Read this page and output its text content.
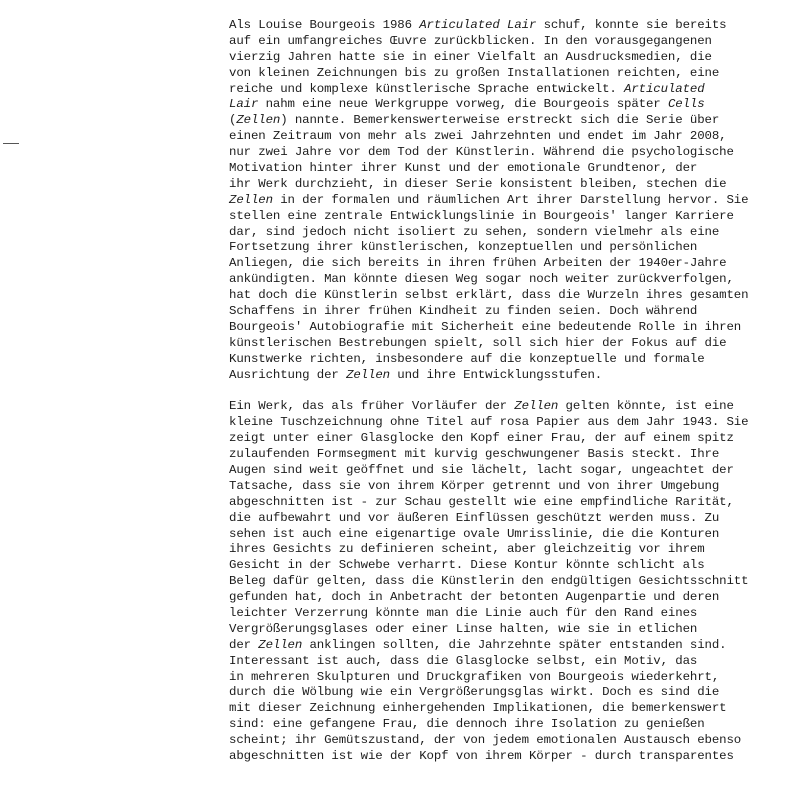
Als Louise Bourgeois 1986 Articulated Lair schuf, konnte sie bereits
auf ein umfangreiches Œuvre zurückblicken. In den vorausgegangenen
vierzig Jahren hatte sie in einer Vielfalt an Ausdrucksmedien, die
von kleinen Zeichnungen bis zu großen Installationen reichten, eine
reiche und komplexe künstlerische Sprache entwickelt. Articulated
Lair nahm eine neue Werkgruppe vorweg, die Bourgeois später Cells
(Zellen) nannte. Bemerkenswerterweise erstreckt sich die Serie über
einen Zeitraum von mehr als zwei Jahrzehnten und endet im Jahr 2008,
nur zwei Jahre vor dem Tod der Künstlerin. Während die psychologische
Motivation hinter ihrer Kunst und der emotionale Grundtenor, der
ihr Werk durchzieht, in dieser Serie konsistent bleiben, stechen die
Zellen in der formalen und räumlichen Art ihrer Darstellung hervor. Sie
stellen eine zentrale Entwicklungslinie in Bourgeois' langer Karriere
dar, sind jedoch nicht isoliert zu sehen, sondern vielmehr als eine
Fortsetzung ihrer künstlerischen, konzeptuellen und persönlichen
Anliegen, die sich bereits in ihren frühen Arbeiten der 1940er-Jahre
ankündigten. Man könnte diesen Weg sogar noch weiter zurückverfolgen,
hat doch die Künstlerin selbst erklärt, dass die Wurzeln ihres gesamten
Schaffens in ihrer frühen Kindheit zu finden seien. Doch während
Bourgeois' Autobiografie mit Sicherheit eine bedeutende Rolle in ihren
künstlerischen Bestrebungen spielt, soll sich hier der Fokus auf die
Kunstwerke richten, insbesondere auf die konzeptuelle und formale
Ausrichtung der Zellen und ihre Entwicklungsstufen.

Ein Werk, das als früher Vorläufer der Zellen gelten könnte, ist eine
kleine Tuschzeichnung ohne Titel auf rosa Papier aus dem Jahr 1943. Sie
zeigt unter einer Glasglocke den Kopf einer Frau, der auf einem spitz
zulaufenden Formsegment mit kurvig geschwungener Basis steckt. Ihre
Augen sind weit geöffnet und sie lächelt, lacht sogar, ungeachtet der
Tatsache, dass sie von ihrem Körper getrennt und von ihrer Umgebung
abgeschnitten ist - zur Schau gestellt wie eine empfindliche Rarität,
die aufbewahrt und vor äußeren Einflüssen geschützt werden muss. Zu
sehen ist auch eine eigenartige ovale Umrisslinie, die die Konturen
ihres Gesichts zu definieren scheint, aber gleichzeitig vor ihrem
Gesicht in der Schwebe verharrt. Diese Kontur könnte schlicht als
Beleg dafür gelten, dass die Künstlerin den endgültigen Gesichtsschnitt
gefunden hat, doch in Anbetracht der betonten Augenpartie und deren
leichter Verzerrung könnte man die Linie auch für den Rand eines
Vergrößerungsglases oder einer Linse halten, wie sie in etlichen
der Zellen anklingen sollten, die Jahrzehnte später entstanden sind.
Interessant ist auch, dass die Glasglocke selbst, ein Motiv, das
in mehreren Skulpturen und Druckgrafiken von Bourgeois wiederkehrt,
durch die Wölbung wie ein Vergrößerungsglas wirkt. Doch es sind die
mit dieser Zeichnung einhergehenden Implikationen, die bemerkenswert
sind: eine gefangene Frau, die dennoch ihre Isolation zu genießen
scheint; ihr Gemütszustand, der von jedem emotionalen Austausch ebenso
abgeschnitten ist wie der Kopf von ihrem Körper - durch transparentes
